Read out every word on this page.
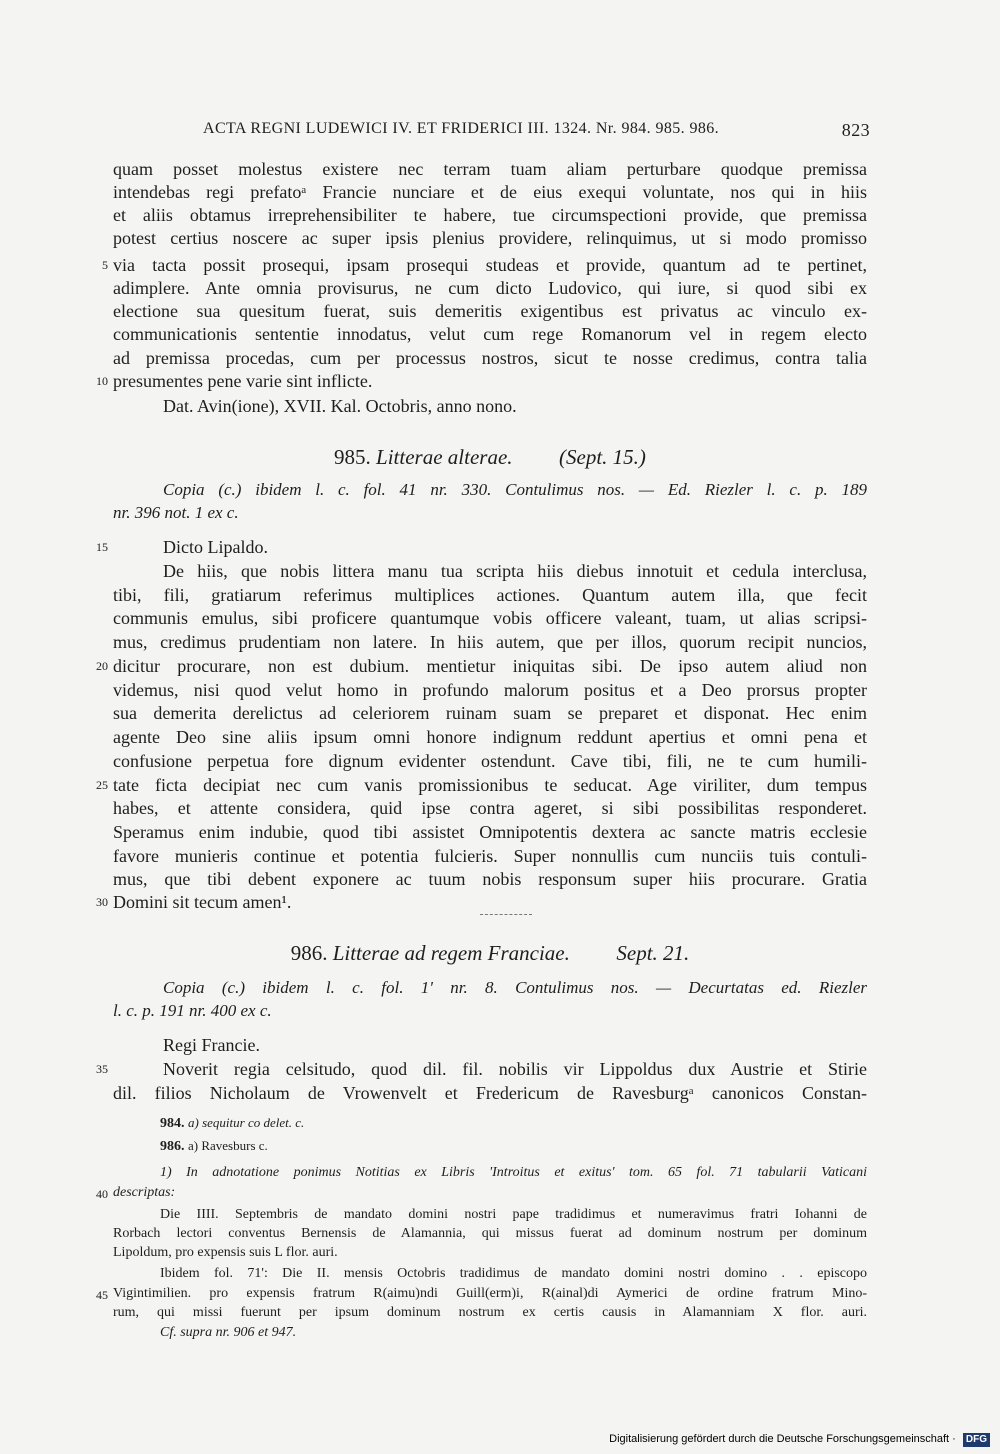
ACTA REGNI LUDEWICI IV. ET FRIDERICI III. 1324. Nr. 984. 985. 986.	823
quam posset molestus existere nec terram tuam aliam perturbare quodque premissa
intendebas regi prefatoᵃ Francie nunciare et de eius exequi voluntate, nos qui in hiis
et aliis obtamus irreprehensibiliter te habere, tue circumspectioni provide, que premissa
potest certius noscere ac super ipsis plenius providere, relinquimus, ut si modo promisso
5 via tacta possit prosequi, ipsam prosequi studeas et provide, quantum ad te pertinet,
adimplere. Ante omnia provisurus, ne cum dicto Ludovico, qui iure, si quod sibi ex
electione sua quesitum fuerat, suis demeritis exigentibus est privatus ac vinculo ex-
communicationis sententie innodatus, velut cum rege Romanorum vel in regem electo
ad premissa procedas, cum per processus nostros, sicut te nosse credimus, contra talia
10 presumentes pene varie sint inflicte.
Dat. Avin(ione), XVII. Kal. Octobris, anno nono.
985. Litterae alterae. (Sept. 15.)
Copia (c.) ibidem l. c. fol. 41 nr. 330. Contulimus nos. — Ed. Riezler l. c. p. 189
nr. 396 not. 1 ex c.
15	Dicto Lipaldo.
De hiis, que nobis littera manu tua scripta hiis diebus innotuit et cedula interclusa,
tibi, fili, gratiarum referimus multiplices actiones. Quantum autem illa, que fecit
communis emulus, sibi proficere quantumque vobis officere valeant, tuam, ut alias scripsi-
mus, credimus prudentiam non latere. In hiis autem, que per illos, quorum recipit nuncios,
20 dicitur procurare, non est dubium. mentietur iniquitas sibi. De ipso autem aliud non
videmus, nisi quod velut homo in profundo malorum positus et a Deo prorsus propter
sua demerita derelictus ad celeriorem ruinam suam se preparet et disponat. Hec enim
agente Deo sine aliis ipsum omni honore indignum reddunt apertius et omni pena et
confusione perpetua fore dignum evidenter ostendunt. Cave tibi, fili, ne te cum humili-
25 tate ficta decipiat nec cum vanis promissionibus te seducat. Age viriliter, dum tempus
habes, et attente considera, quid ipse contra ageret, si sibi possibilitas responderet.
Speramus enim indubie, quod tibi assistet Omnipotentis dextera ac sancte matris ecclesie
favore munieris continue et potentia fulcieris. Super nonnullis cum nunciis tuis contuli-
mus, que tibi debent exponere ac tuum nobis responsum super hiis procurare. Gratia
30 Domini sit tecum amen¹.
986. Litterae ad regem Franciae. Sept. 21.
Copia (c.) ibidem l. c. fol. 1' nr. 8. Contulimus nos. — Decurtatas ed. Riezler
l. c. p. 191 nr. 400 ex c.
Regi Francie.
35	Noverit regia celsitudo, quod dil. fil. nobilis vir Lippoldus dux Austrie et Stirie
dil. filios Nicholaum de Vrowenvelt et Fredericum de Ravesburgᵃ canonicos Constan-
984. a) sequitur co delet. c.
986. a) Ravesburs c.
1) In adnotatione ponimus Notitias ex Libris 'Introitus et exitus' tom. 65 fol. 71 tabularii Vaticani
40 descriptas:
Die IIII. Septembris de mandato domini nostri pape tradidimus et numeravimus fratri Iohanni de
Rorbach lectori conventus Bernensis de Alamannia, qui missus fuerat ad dominum nostrum per dominum
Lipoldum, pro expensis suis L flor. auri.
Ibidem fol. 71': Die II. mensis Octobris tradidimus de mandato domini nostri domino . . episcopo
45 Vigintimilien. pro expensis fratrum R(aimu)ndi Guill(erm)i, R(ainal)di Aymerici de ordine fratrum Mino-
rum, qui missi fuerunt per ipsum dominum nostrum ex certis causis in Alamanniam X flor. auri.
Cf. supra nr. 906 et 947.
Digitalisierung gefördert durch die Deutsche Forschungsgemeinschaft · DFG
